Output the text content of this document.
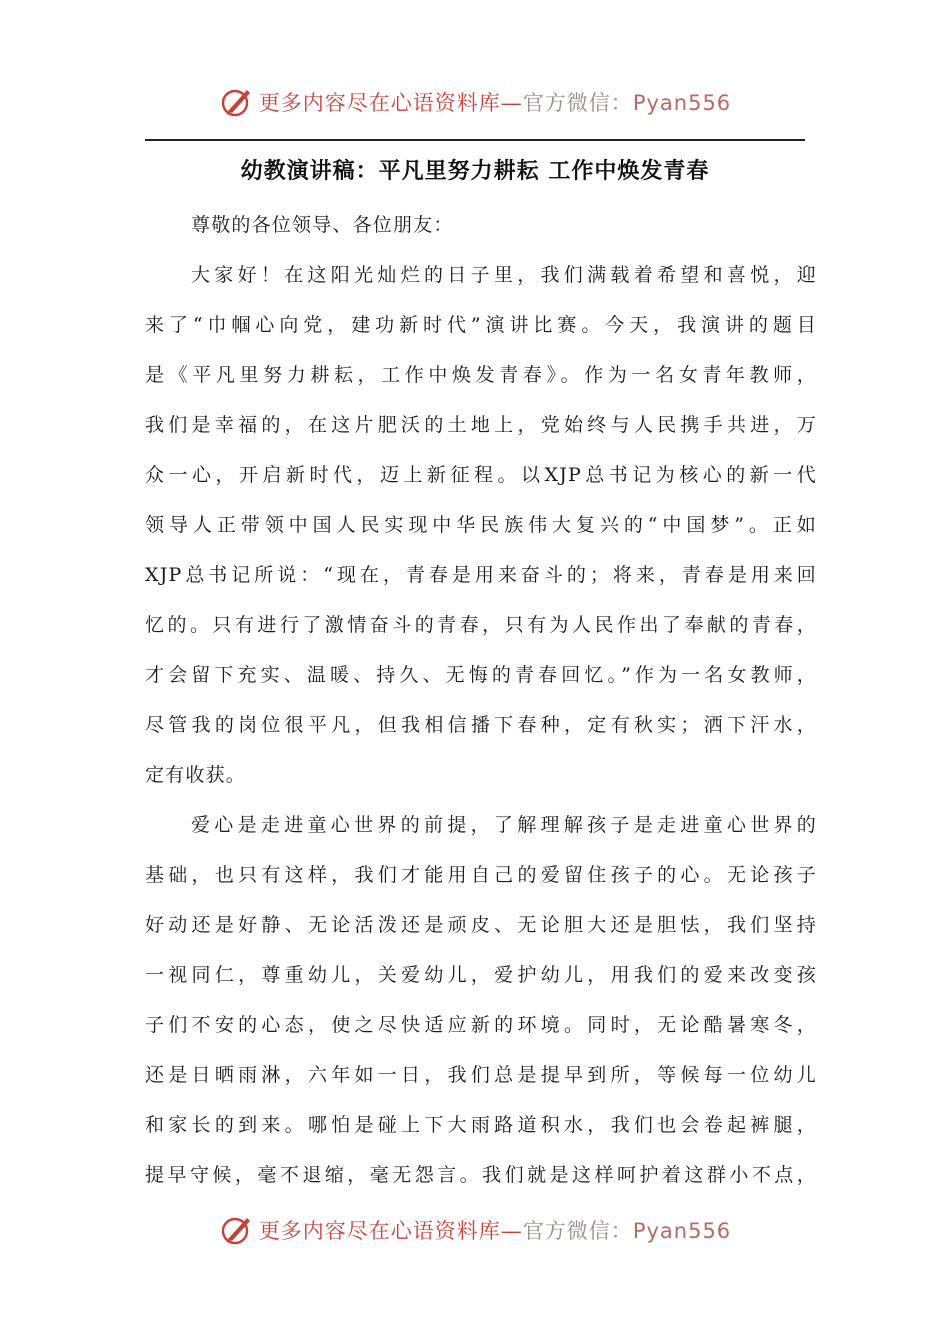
更多内容尽在心语资料库—官方微信：Pyan556
幼教演讲稿：平凡里努力耕耘 工作中焕发青春
尊敬的各位领导、各位朋友：
大家好！在这阳光灿烂的日子里，我们满载着希望和喜悦，迎
来了“巾帼心向党，建功新时代”演讲比赛。今天，我演讲的题目
是《平凡里努力耕耘，工作中焕发青春》。作为一名女青年教师，
我们是幸福的，在这片肥沃的土地上，党始终与人民携手共进，万
众一心，开启新时代，迈上新征程。以XJP总书记为核心的新一代
领导人正带领中国人民实现中华民族伟大复兴的“中国梦”。正如
XJP总书记所说：“现在，青春是用来奋斗的；将来，青春是用来回
忆的。只有进行了激情奋斗的青春，只有为人民作出了奉献的青春，
才会留下充实、温暖、持久、无悔的青春回忆。”作为一名女教师，
尽管我的岗位很平凡，但我相信播下春种，定有秋实；洒下汗水，
定有收获。
爱心是走进童心世界的前提，了解理解孩子是走进童心世界的
基础，也只有这样，我们才能用自己的爱留住孩子的心。无论孩子
好动还是好静、无论活泼还是顽皮、无论胆大还是胆怯，我们坚持
一视同仁，尊重幼儿，关爱幼儿，爱护幼儿，用我们的爱来改变孩
子们不安的心态，使之尽快适应新的环境。同时，无论酷暑寒冬，
还是日晒雨淋，六年如一日，我们总是提早到所，等候每一位幼儿
和家长的到来。哪怕是碰上下大雨路道积水，我们也会卷起裤腿，
提早守候，毫不退缩，毫无怨言。我们就是这样呵护着这群小不点，
更多内容尽在心语资料库—官方微信：Pyan556
